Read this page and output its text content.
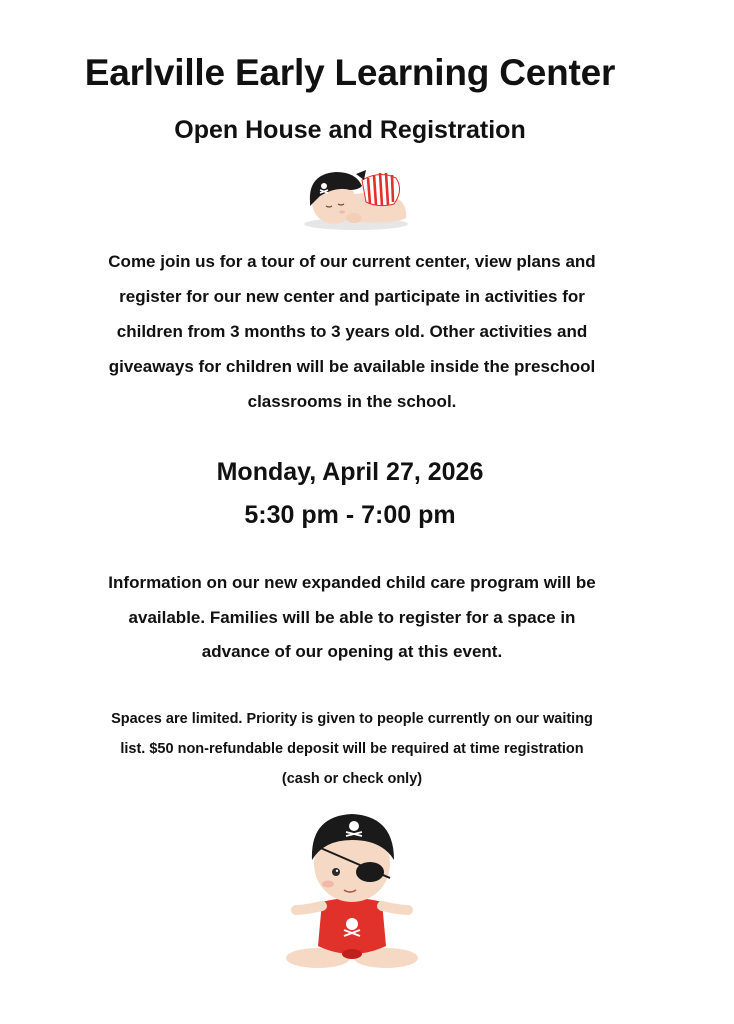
Earlville Early Learning Center
Open House and Registration

Come join us for a tour of our current center, view plans and
register for our new center and participate in activities for
children from 3 months to 3 years old. Other activities and
giveaways for children will be available inside the preschool
classrooms in the school.

Monday, April 27, 2026
5:30 pm - 7:00 pm

Information on our new expanded child care program will be
available. Families will be able to register for a space in
advance of our opening at this event.

Spaces are limited. Priority is given to people currently on our waiting
list. $50 non-refundable deposit will be required at time registration
(cash or check only)
